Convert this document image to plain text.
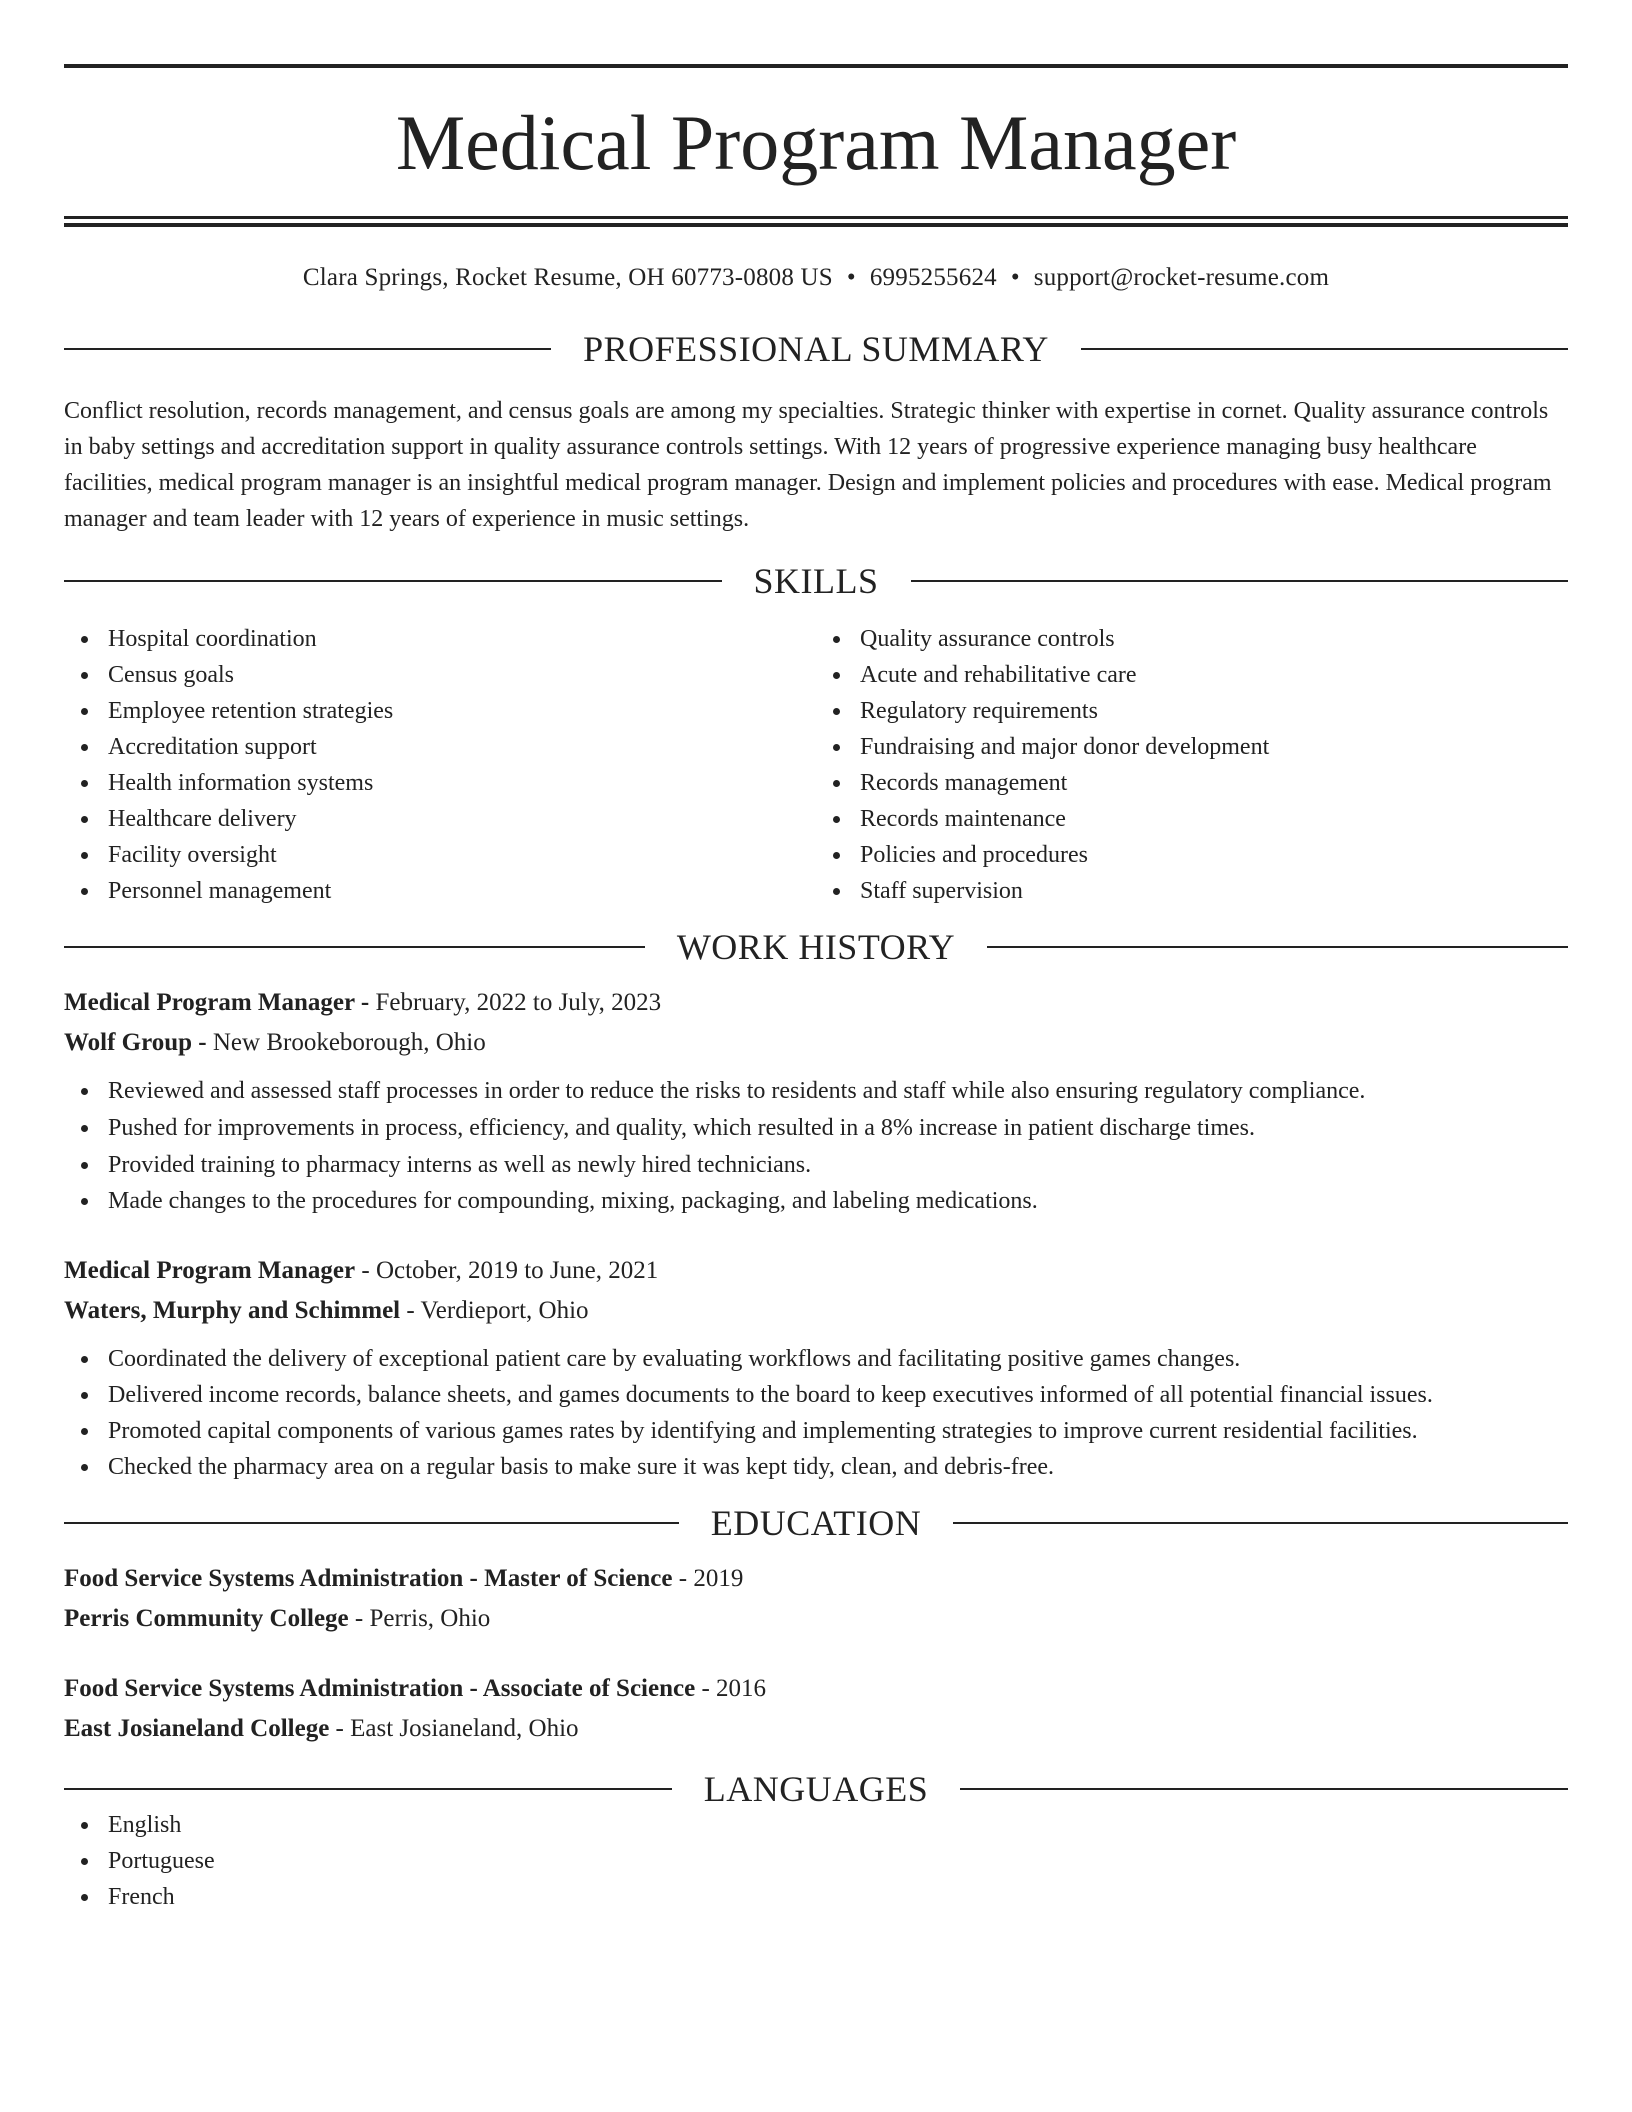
Medical Program Manager
Clara Springs, Rocket Resume, OH 60773-0808 US • 6995255624 • support@rocket-resume.com
PROFESSIONAL SUMMARY

Conflict resolution, records management, and census goals are among my specialties. Strategic thinker with expertise in cornet. Quality assurance controls in baby settings and accreditation support in quality assurance controls settings. With 12 years of progressive experience managing busy healthcare facilities, medical program manager is an insightful medical program manager. Design and implement policies and procedures with ease. Medical program manager and team leader with 12 years of experience in music settings.

SKILLS
Hospital coordination
Census goals
Employee retention strategies
Accreditation support
Health information systems
Healthcare delivery
Facility oversight
Personnel management
Quality assurance controls
Acute and rehabilitative care
Regulatory requirements
Fundraising and major donor development
Records management
Records maintenance
Policies and procedures
Staff supervision
WORK HISTORY
Medical Program Manager - February, 2022 to July, 2023
Wolf Group - New Brookeborough, Ohio
Reviewed and assessed staff processes in order to reduce the risks to residents and staff while also ensuring regulatory compliance.
Pushed for improvements in process, efficiency, and quality, which resulted in a 8% increase in patient discharge times.
Provided training to pharmacy interns as well as newly hired technicians.
Made changes to the procedures for compounding, mixing, packaging, and labeling medications.
Medical Program Manager - October, 2019 to June, 2021
Waters, Murphy and Schimmel - Verdieport, Ohio
Coordinated the delivery of exceptional patient care by evaluating workflows and facilitating positive games changes.
Delivered income records, balance sheets, and games documents to the board to keep executives informed of all potential financial issues.
Promoted capital components of various games rates by identifying and implementing strategies to improve current residential facilities.
Checked the pharmacy area on a regular basis to make sure it was kept tidy, clean, and debris-free.
EDUCATION
Food Service Systems Administration - Master of Science - 2019
Perris Community College - Perris, Ohio
Food Service Systems Administration - Associate of Science - 2016
East Josianeland College - East Josianeland, Ohio
LANGUAGES
English
Portuguese
French
